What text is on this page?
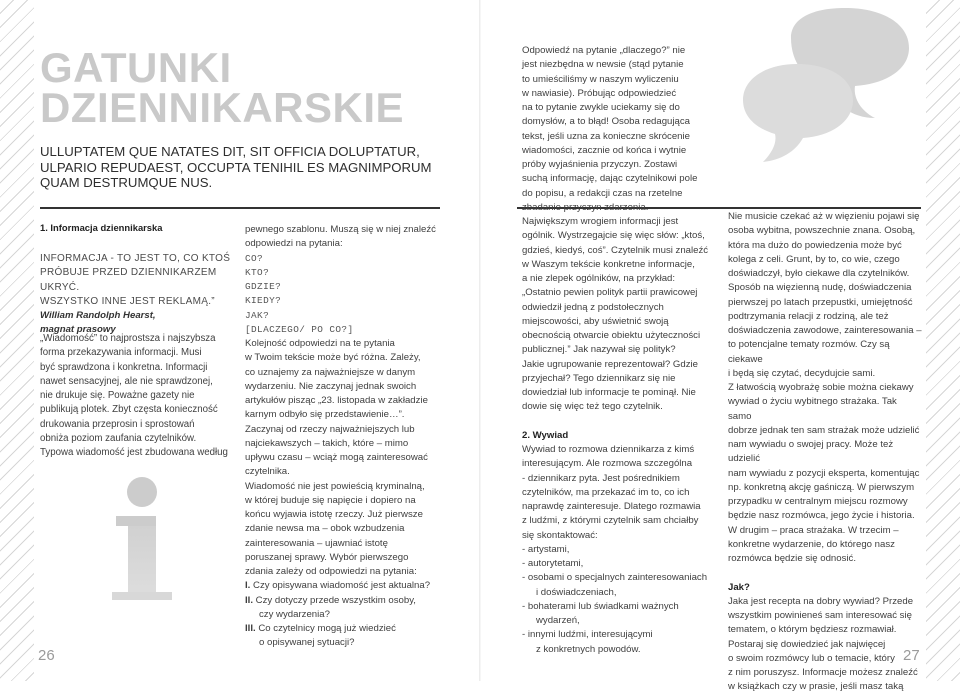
GATUNKI
DZIENNIKARSKIE
ULLUPTATEM QUE NATATES DIT, SIT OFFICIA DOLUPTATUR,
ULPARIO REPUDAEST, OCCUPTA TENIHIL ES MAGNIMPORUM
QUAM DESTRUMQUE NUS.
1. Informacja dziennikarska
INFORMACJA - TO JEST TO, CO KTOŚ
PRÓBUJE PRZED DZIENNIKARZEM UKRYĆ.
WSZYSTKO INNE JEST REKLAMĄ.”
William Randolph Hearst,
magnat prasowy
„Wiadomość” to najprostsza i najszybsza
forma przekazywania informacji. Musi
być sprawdzona i konkretna. Informacji
nawet sensacyjnej, ale nie sprawdzonej,
nie drukuje się. Poważne gazety nie
publikują plotek. Zbyt częsta konieczność
drukowania przeprosin i sprostowań
obniża poziom zaufania czytelników.
Typowa wiadomość jest zbudowana według
pewnego szablonu. Muszą się w niej znaleźć
odpowiedzi na pytania:
CO?
KTO?
GDZIE?
KIEDY?
JAK?
[DLACZEGO/ PO CO?]
Kolejność odpowiedzi na te pytania
w Twoim tekście może być różna. Zależy,
co uznajemy za najważniejsze w danym
wydarzeniu. Nie zaczynaj jednak swoich
artykułów pisząc „23. listopada w zakładzie
karnym odbyło się przedstawienie…”.
Zaczynaj od rzeczy najważniejszych lub
najciekawszych – takich, które – mimo
upływu czasu – wciąż mogą zainteresować
czytelnika.
Wiadomość nie jest powieścią kryminalną,
w której buduje się napięcie i dopiero na
końcu wyjawia istotę rzeczy. Już pierwsze
zdanie newsa ma – obok wzbudzenia
zainteresowania – ujawniać istotę
poruszanej sprawy. Wybór pierwszego
zdania zależy od odpowiedzi na pytania:
I. Czy opisywana wiadomość jest aktualna?
II. Czy dotyczy przede wszystkim osoby,
czy wydarzenia?
III. Co czytelnicy mogą już wiedzieć
o opisywanej sytuacji?
26
Odpowiedź na pytanie „dlaczego?” nie
jest niezbędna w newsie (stąd pytanie
to umieściliśmy w naszym wyliczeniu
w nawiasie). Próbując odpowiedzieć
na to pytanie zwykle uciekamy się do
domysłów, a to błąd! Osoba redagująca
tekst, jeśli uzna za konieczne skrócenie
wiadomości, zacznie od końca i wytnie
próby wyjaśnienia przyczyn. Zostawi
suchą informację, dając czytelnikowi pole
do popisu, a redakcji czas na rzetelne
zbadanie przyczyn zdarzenia.
Największym wrogiem informacji jest
ogólnik. Wystrzegajcie się więc słów: „ktoś,
gdzieś, kiedyś, coś”. Czytelnik musi znaleźć
w Waszym tekście konkretne informacje,
a nie zlepek ogólników, na przykład:
„Ostatnio pewien polityk partii prawicowej
odwiedził jedną z podstołecznych
miejscowości, aby uświetnić swoją
obecnością otwarcie obiektu użyteczności
publicznej.” Jak nazywał się polityk?
Jakie ugrupowanie reprezentował? Gdzie
przyjechał? Tego dziennikarz się nie
dowiedział lub informacje te pominął. Nie
dowie się więc też tego czytelnik.
2. Wywiad
Wywiad to rozmowa dziennikarza z kimś
interesującym. Ale rozmowa szczególna
- dziennikarz pyta. Jest pośrednikiem
czytelników, ma przekazać im to, co ich
naprawdę zainteresuje. Dlatego rozmawia
z ludźmi, z którymi czytelnik sam chciałby
się skontaktować:
- artystami,
- autorytetami,
- osobami o specjalnych zainteresowaniach
i doświadczeniach,
- bohaterami lub świadkami ważnych
wydarzeń,
- innymi ludźmi, interesującymi
z konkretnych powodów.
Nie musicie czekać aż w więzieniu pojawi się
osoba wybitna, powszechnie znana. Osobą,
która ma dużo do powiedzenia może być
kolega z celi. Grunt, by to, co wie, czego
doświadczył, było ciekawe dla czytelników.
Sposób na więzienną nudę, doświadczenia
pierwszej po latach przepustki, umiejętność
podtrzymania relacji z rodziną, ale też
doświadczenia zawodowe, zainteresowania –
to potencjalne tematy rozmów. Czy są ciekawe
i będą się czytać, decydujcie sami.
Z łatwością wyobrażę sobie można ciekawy
wywiad o życiu wybitnego strażaka. Tak samo
dobrze jednak ten sam strażak może udzielić
nam wywiadu o swojej pracy. Może też udzielić
nam wywiadu z pozycji eksperta, komentując
np. konkretną akcję gaśniczą. W pierwszym
przypadku w centralnym miejscu rozmowy
będzie nasz rozmówca, jego życie i historia.
W drugim – praca strażaka. W trzecim –
konkretne wydarzenie, do którego nasz
rozmówca będzie się odnosić.
Jak?
Jaka jest recepta na dobry wywiad? Przede
wszystkim powinieneś sam interesować się
tematem, o którym będziesz rozmawiał.
Postaraj się dowiedzieć jak najwięcej
o swoim rozmówcy lub o temacie, który
z nim poruszysz. Informacje możesz znaleźć
w książkach czy w prasie, jeśli masz taką
27
